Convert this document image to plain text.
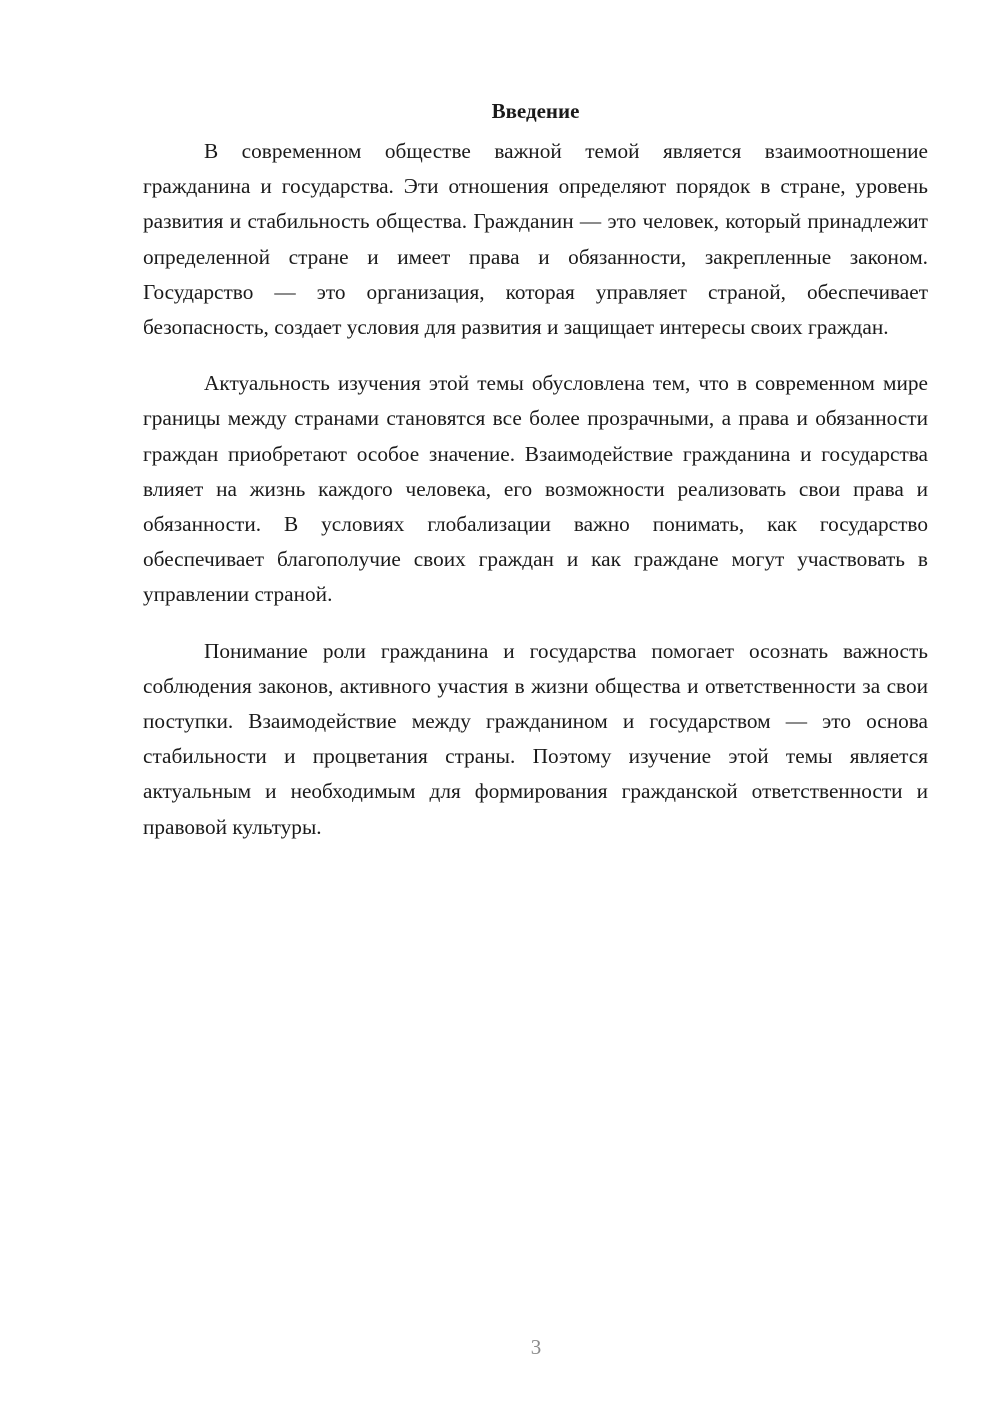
Введение

В современном обществе важной темой является взаимоотношение гражданина и государства. Эти отношения определяют порядок в стране, уровень развития и стабильность общества. Гражданин — это человек, который принадлежит определенной стране и имеет права и обязанности, закрепленные законом. Государство — это организация, которая управляет страной, обеспечивает безопасность, создает условия для развития и защищает интересы своих граждан.

Актуальность изучения этой темы обусловлена тем, что в современном мире границы между странами становятся все более прозрачными, а права и обязанности граждан приобретают особое значение. Взаимодействие гражданина и государства влияет на жизнь каждого человека, его возможности реализовать свои права и обязанности. В условиях глобализации важно понимать, как государство обеспечивает благополучие своих граждан и как граждане могут участвовать в управлении страной.

Понимание роли гражданина и государства помогает осознать важность соблюдения законов, активного участия в жизни общества и ответственности за свои поступки. Взаимодействие между гражданином и государством — это основа стабильности и процветания страны. Поэтому изучение этой темы является актуальным и необходимым для формирования гражданской ответственности и правовой культуры.

3
